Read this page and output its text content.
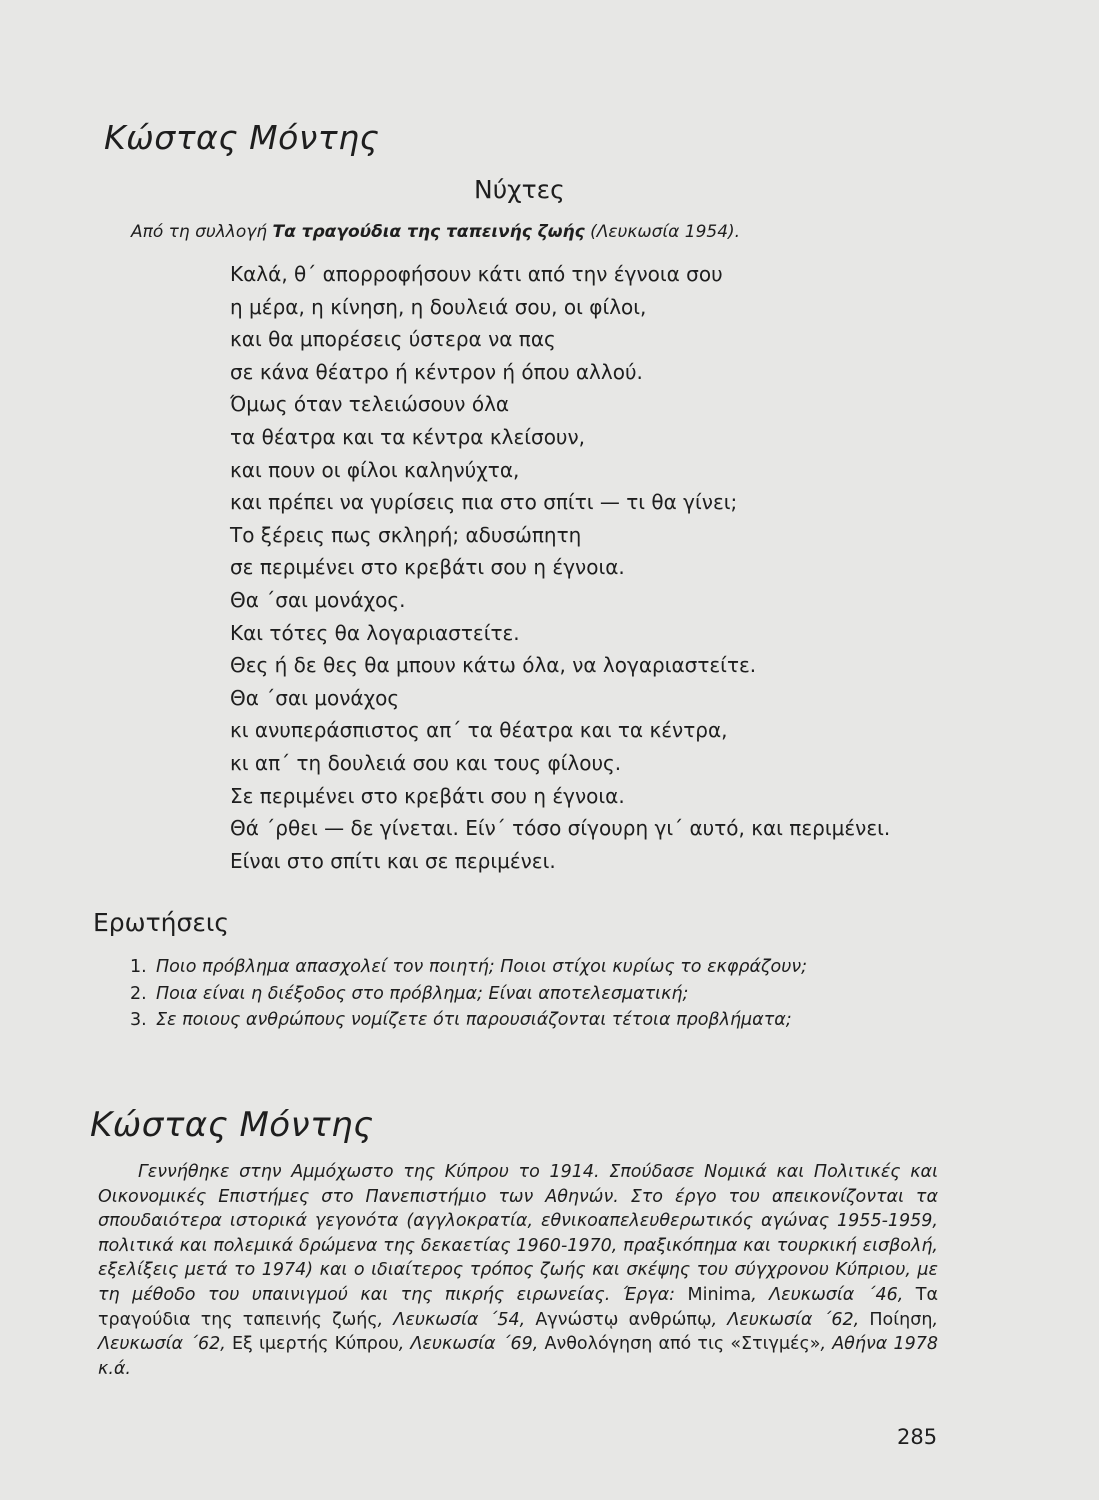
Κώστας Μόντης
Νύχτες
Από τη συλλογή Τα τραγούδια της ταπεινής ζωής (Λευκωσία 1954).
Καλά, θ΄ απορροφήσουν κάτι από την έγνοια σου
η μέρα, η κίνηση, η δουλειά σου, οι φίλοι,
και θα μπορέσεις ύστερα να πας
σε κάνα θέατρο ή κέντρον ή όπου αλλού.
Όμως όταν τελειώσουν όλα
τα θέατρα και τα κέντρα κλείσουν,
και πουν οι φίλοι καληνύχτα,
και πρέπει να γυρίσεις πια στο σπίτι — τι θα γίνει;
Το ξέρεις πως σκληρή; αδυσώπητη
σε περιμένει στο κρεβάτι σου η έγνοια.
Θα ΄σαι μονάχος.
Και τότες θα λογαριαστείτε.
Θες ή δε θες θα μπουν κάτω όλα, να λογαριαστείτε.
Θα ΄σαι μονάχος
κι ανυπεράσπιστος απ΄ τα θέατρα και τα κέντρα,
κι απ΄ τη δουλειά σου και τους φίλους.
Σε περιμένει στο κρεβάτι σου η έγνοια.
Θά ΄ρθει — δε γίνεται. Είν΄ τόσο σίγουρη γι΄ αυτό, και περιμένει.
Είναι στο σπίτι και σε περιμένει.
Ερωτήσεις
1. Ποιο πρόβλημα απασχολεί τον ποιητή; Ποιοι στίχοι κυρίως το εκφράζουν;
2. Ποια είναι η διέξοδος στο πρόβλημα; Είναι αποτελεσματική;
3. Σε ποιους ανθρώπους νομίζετε ότι παρουσιάζονται τέτοια προβλήματα;
Κώστας Μόντης

Γεννήθηκε στην Αμμόχωστο της Κύπρου το 1914. Σπούδασε Νομικά και Πολιτικές και Οικονομικές Επιστήμες στο Πανεπιστήμιο των Αθηνών. Στο έργο του απεικονίζονται τα σπουδαιότερα ιστορικά γεγονότα (αγγλοκρατία, εθνικοαπελευθερωτικός αγώνας 1955-1959, πολιτικά και πολεμικά δρώμενα της δεκαετίας 1960-1970, πραξικόπημα και τουρκική εισβολή, εξελίξεις μετά το 1974) και ο ιδιαίτερος τρόπος ζωής και σκέψης του σύγχρονου Κύπριου, με τη μέθοδο του υπαινιγμού και της πικρής ειρωνείας. Έργα: Minima, Λευκωσία ΄46, Τα τραγούδια της ταπεινής ζωής, Λευκωσία ΄54, Αγνώστῳ ανθρώπῳ, Λευκωσία ΄62, Ποίηση, Λευκωσία ΄62, Εξ ιμερτής Κύπρου, Λευκωσία ΄69, Ανθολόγηση από τις «Στιγμές», Αθήνα 1978 κ.ά.

285
